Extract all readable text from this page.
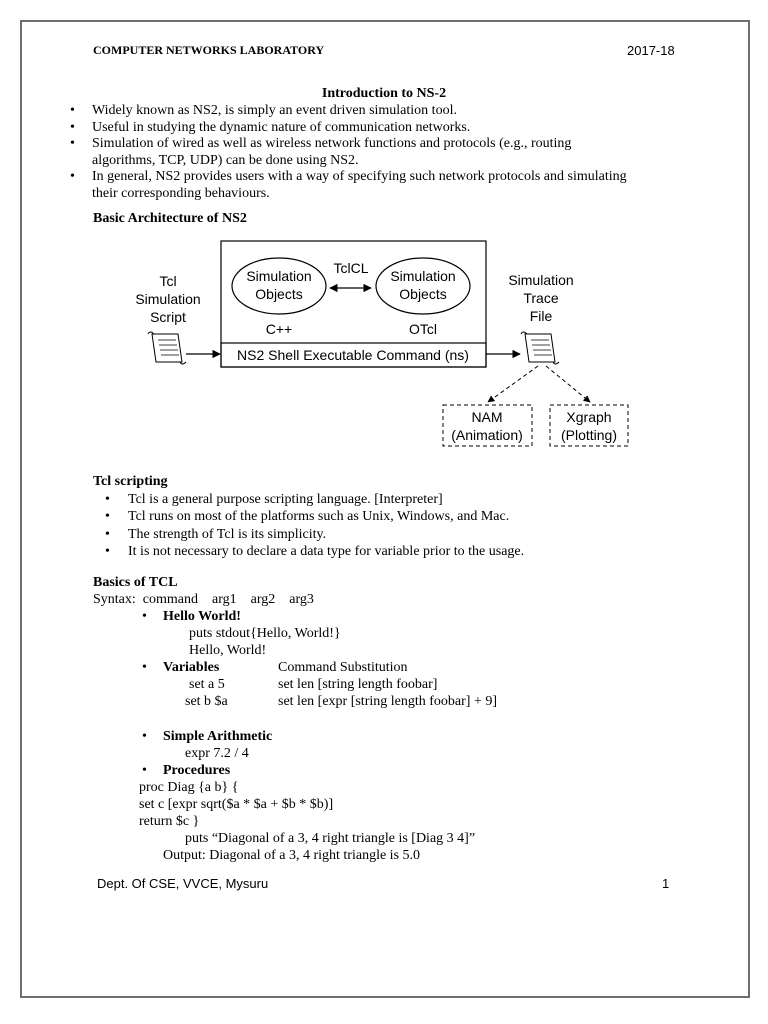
COMPUTER NETWORKS LABORATORY	2017-18
Introduction to NS-2
• Widely known as NS2, is simply an event driven simulation tool.
• Useful in studying the dynamic nature of communication networks.
• Simulation of wired as well as wireless network functions and protocols (e.g., routing
algorithms, TCP, UDP) can be done using NS2.
• In general, NS2 provides users with a way of specifying such network protocols and simulating
their corresponding behaviours.
Basic Architecture of NS2
Simulation
Objects
Simulation
Objects
TclCL
C++	OTcl
NS2 Shell Executable Command (ns)
Tcl
Simulation
Script
Simulation
Trace
File
NAM
(Animation)
Xgraph
(Plotting)
Tcl scripting
• Tcl is a general purpose scripting language. [Interpreter]
• Tcl runs on most of the platforms such as Unix, Windows, and Mac.
• The strength of Tcl is its simplicity.
• It is not necessary to declare a data type for variable prior to the usage.
Basics of TCL
Syntax:  command    arg1    arg2    arg3
• Hello World!
puts stdout{Hello, World!}
Hello, World!
• Variables	Command Substitution
set a 5	set len [string length foobar]
set b $a	set len [expr [string length foobar] + 9]
• Simple Arithmetic
expr 7.2 / 4
• Procedures
proc Diag {a b} {
set c [expr sqrt($a * $a + $b * $b)]
return $c }
puts “Diagonal of a 3, 4 right triangle is [Diag 3 4]”
Output: Diagonal of a 3, 4 right triangle is 5.0
Dept. Of CSE, VVCE, Mysuru	1
